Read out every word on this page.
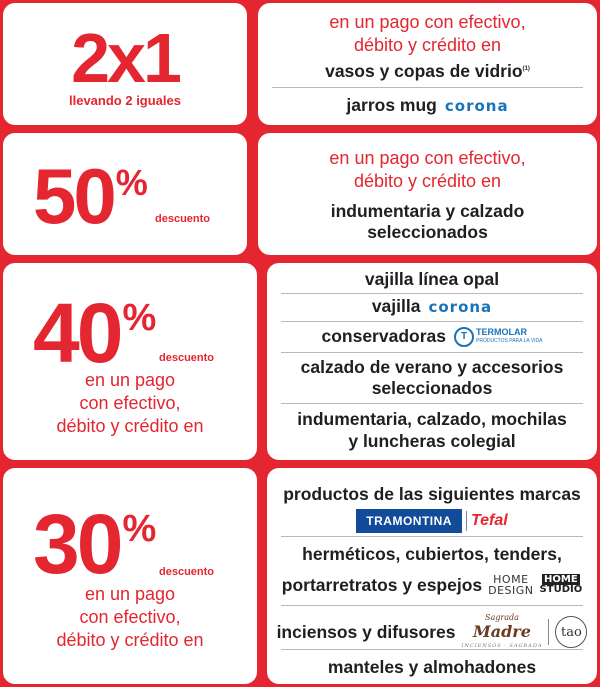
2x1
llevando 2 iguales
en un pago con efectivo,
débito y crédito en
vasos y copas de vidrio$^{(1)}$
jarros mug corona
50 %
descuento
en un pago con efectivo,
débito y crédito en
indumentaria y calzado
seleccionados
40 %
descuento
en un pago
con efectivo,
débito y crédito en
vajilla línea opal
vajilla corona
conservadoras	T TERMOLAR
PRODUCTOS PARA LA VIDA
calzado de verano y accesorios
seleccionados
indumentaria, calzado, mochilas
y luncheras colegial
30 %
descuento
en un pago
con efectivo,
débito y crédito en
productos de las siguientes marcas
TRAMONTINA	Tefal
herméticos, cubiertos, tenders,
portarretratos y espejos	HOME
DESIGN
HOME
STUDIO
inciensos y difusores
Sagrada
Madre
INCIENSOS · SAGRADA
tao
manteles y almohadones
